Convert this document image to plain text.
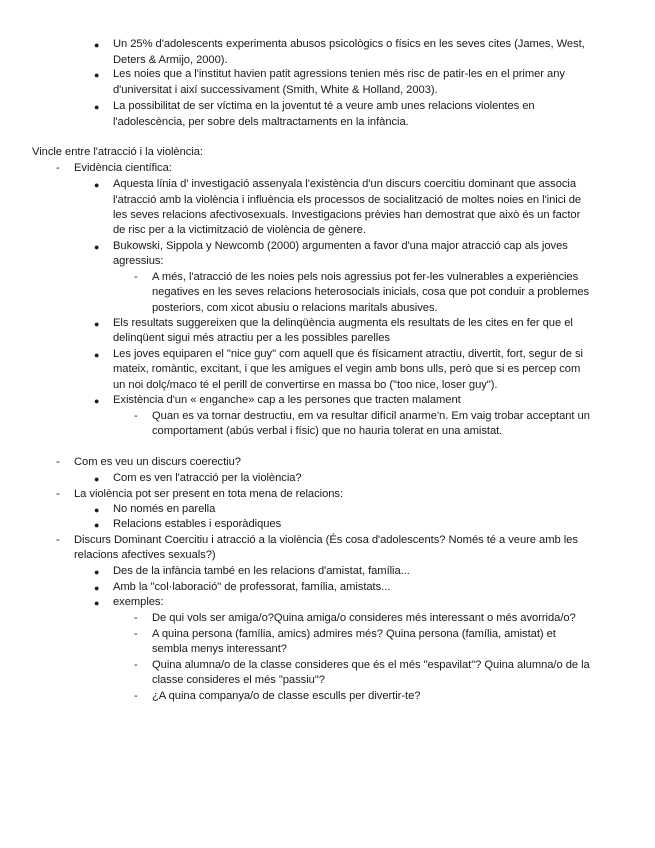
● Un 25% d'adolescents experimenta abusos psicològics o físics en les seves cites (James, West,
Deters & Armijo, 2000).
● Les noies que a l'institut havien patit agressions tenien més risc de patir-les en el primer any
d'universitat i així successivament (Smith, White & Holland, 2003).
● La possibilitat de ser víctima en la joventut té a veure amb unes relacions violentes en
l'adolescència, per sobre dels maltractaments en la infància.
Vincle entre l'atracció i la violència:
- Evidència científica:
● Aquesta línia d' investigació assenyala l'existència d'un discurs coercitiu dominant que associa
l'atracció amb la violència i influència els processos de socialització de moltes noies en l'inici de
les seves relacions afectivosexuals. Investigacions prèvies han demostrat que això és un factor
de risc per a la victimització de violència de gènere.
● Bukowski, Sippola y Newcomb (2000) argumenten a favor d'una major atracció cap als joves
agressius:
- A més, l'atracció de les noies pels nois agressius pot fer-les vulnerables a experiències
negatives en les seves relacions heterosocials inicials, cosa que pot conduir a problemes
posteriors, com xicot abusiu o relacions maritals abusives.
● Els resultats suggereixen que la delinqüència augmenta els resultats de les cites en fer que el
delinqüent sigui més atractiu per a les possibles parelles
● Les joves equiparen el "nice guy" com aquell que és físicament atractiu, divertit, fort, segur de si
mateix, romàntic, excitant, i que les amigues el vegin amb bons ulls, però que si es percep com
un noi dolç/maco té el perill de convertirse en massa bo ("too nice, loser guy").
● Existència d'un « enganche» cap a les persones que tracten malament
- Quan es va tornar destructiu, em va resultar difícil anarme'n. Em vaig trobar acceptant un
comportament (abús verbal i físic) que no hauria tolerat en una amistat.
- Com es veu un discurs coerectiu?
● Com es ven l'atracció per la violència?
- La violència pot ser present en tota mena de relacions:
● No només en parella
● Relacions estables i esporàdiques
- Discurs Dominant Coercitiu i atracció a la violència (És cosa d'adolescents? Només té a veure amb les
relacions afectives sexuals?)
● Des de la infància també en les relacions d'amistat, família...
● Amb la "col·laboració" de professorat, família, amistats...
● exemples:
- De qui vols ser amiga/o?Quina amiga/o consideres més interessant o més avorrida/o?
- A quina persona (família, amics) admires més? Quina persona (família, amistat) et
sembla menys interessant?
- Quina alumna/o de la classe consideres que és el més "espavilat"? Quina alumna/o de la
classe consideres el més "passiu"?
- ¿A quina companya/o de classe esculls per divertir-te?
